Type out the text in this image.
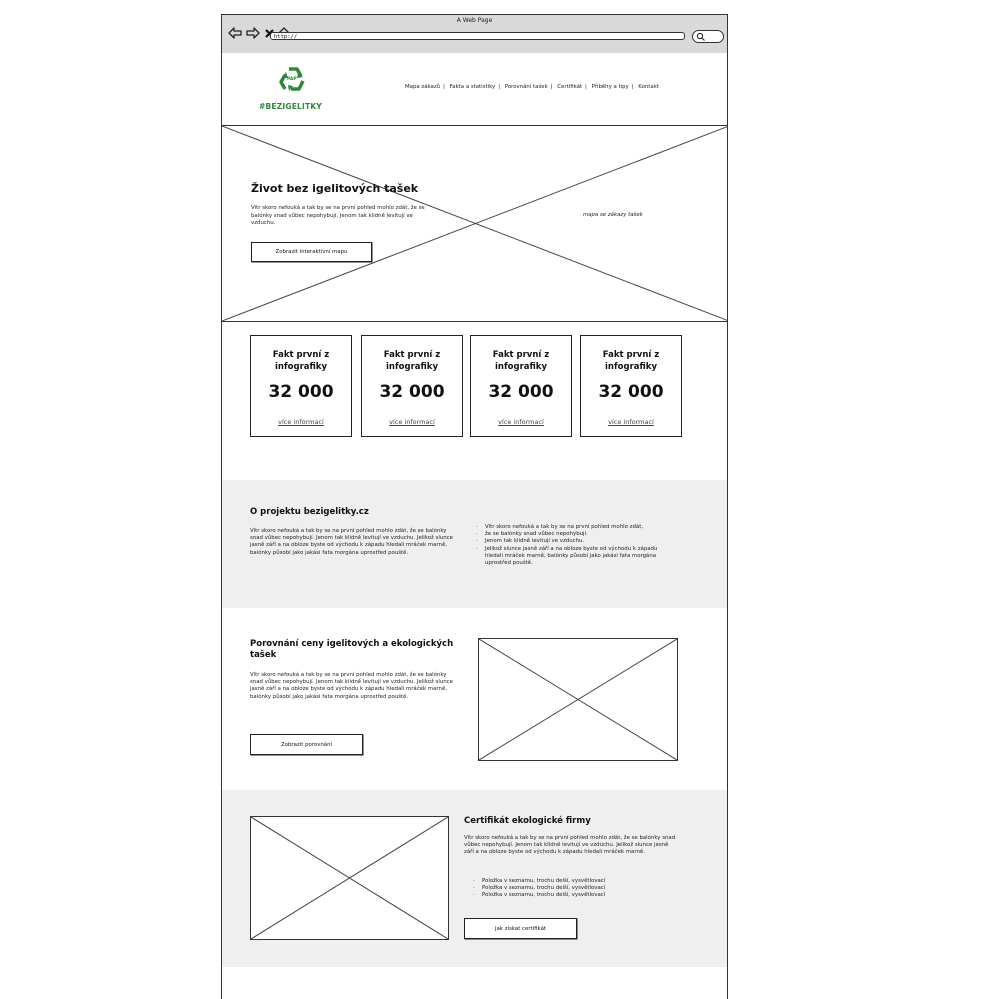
A Web Page
http://
PAP
#BEZIGELITKY
Mapa zákazů | Fakta a statistiky | Porovnání tašek | Certifikát | Příběhy a tipy | Kontakt
Život bez igelitových tašek
Vítr skoro nefouká a tak by se na první pohled mohlo zdát, že se balónky snad vůbec nepohybují. Jenom tak klidně levitují ve vzduchu.
Zobrazit interaktivní mapu
mapa se zákazy tašek
Fakt první z infografiky
32 000
více informací
Fakt první z infografiky
32 000
více informací
Fakt první z infografiky
32 000
více informací
Fakt první z infografiky
32 000
více informací
O projektu bezigelitky.cz
Vítr skoro nefouká a tak by se na první pohled mohlo zdát, že se balónky snad vůbec nepohybují. Jenom tak klidně levitují ve vzduchu. Jelikož slunce jasně září a na obloze byste od východu k západu hledali mráček marně, balónky působí jako jakási fata morgána uprostřed pouště.
· Vítr skoro nefouká a tak by se na první pohled mohlo zdát,
· že se balónky snad vůbec nepohybují.
· Jenom tak klidně levitují ve vzduchu.
· Jelikož slunce jasně září a na obloze byste od východu k západu hledali mráček marně, balónky působí jako jakási fata morgána uprostřed pouště.
Porovnání ceny igelitových a ekologických tašek
Vítr skoro nefouká a tak by se na první pohled mohlo zdát, že se balónky snad vůbec nepohybují. Jenom tak klidně levitují ve vzduchu. Jelikož slunce jasně září a na obloze byste od východu k západu hledali mráček marně, balónky působí jako jakási fata morgána uprostřed pouště.
Zobrazit porovnání
Certifikát ekologické firmy
Vítr skoro nefouká a tak by se na první pohled mohlo zdát, že se balónky snad vůbec nepohybují. Jenom tak klidně levitují ve vzduchu. Jelikož slunce jasně září a na obloze byste od východu k západu hledali mráček marně.
· Položka v seznamu, trochu delší, vysvětlovací
· Položka v seznamu, trochu delší, vysvětlovací
· Položka v seznamu, trochu delší, vysvětlovací
Jak získat certifikát
